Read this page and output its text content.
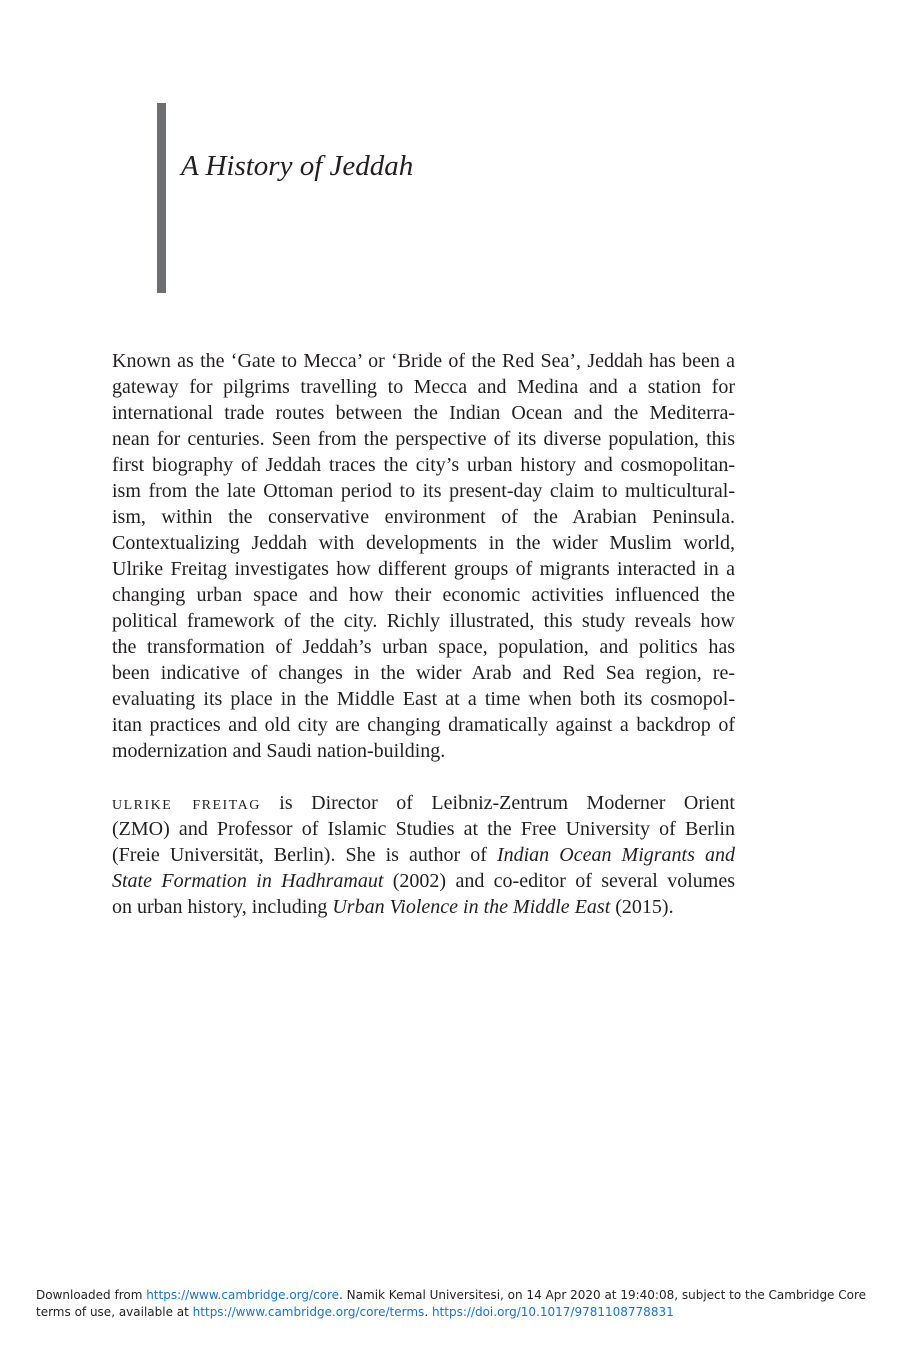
A History of Jeddah
Known as the ‘Gate to Mecca’ or ‘Bride of the Red Sea’, Jeddah has been a
gateway for pilgrims travelling to Mecca and Medina and a station for
international trade routes between the Indian Ocean and the Mediterra-
nean for centuries. Seen from the perspective of its diverse population, this
first biography of Jeddah traces the city’s urban history and cosmopolitan-
ism from the late Ottoman period to its present-day claim to multicultural-
ism, within the conservative environment of the Arabian Peninsula.
Contextualizing Jeddah with developments in the wider Muslim world,
Ulrike Freitag investigates how different groups of migrants interacted in a
changing urban space and how their economic activities influenced the
political framework of the city. Richly illustrated, this study reveals how
the transformation of Jeddah’s urban space, population, and politics has
been indicative of changes in the wider Arab and Red Sea region, re-
evaluating its place in the Middle East at a time when both its cosmopol-
itan practices and old city are changing dramatically against a backdrop of
modernization and Saudi nation-building.
ulrike freitag is Director of Leibniz-Zentrum Moderner Orient
(ZMO) and Professor of Islamic Studies at the Free University of Berlin
(Freie Universität, Berlin). She is author of Indian Ocean Migrants and
State Formation in Hadhramaut (2002) and co-editor of several volumes
on urban history, including Urban Violence in the Middle East (2015).
Downloaded from https://www.cambridge.org/core. Namik Kemal Universitesi, on 14 Apr 2020 at 19:40:08, subject to the Cambridge Core
terms of use, available at https://www.cambridge.org/core/terms. https://doi.org/10.1017/9781108778831
